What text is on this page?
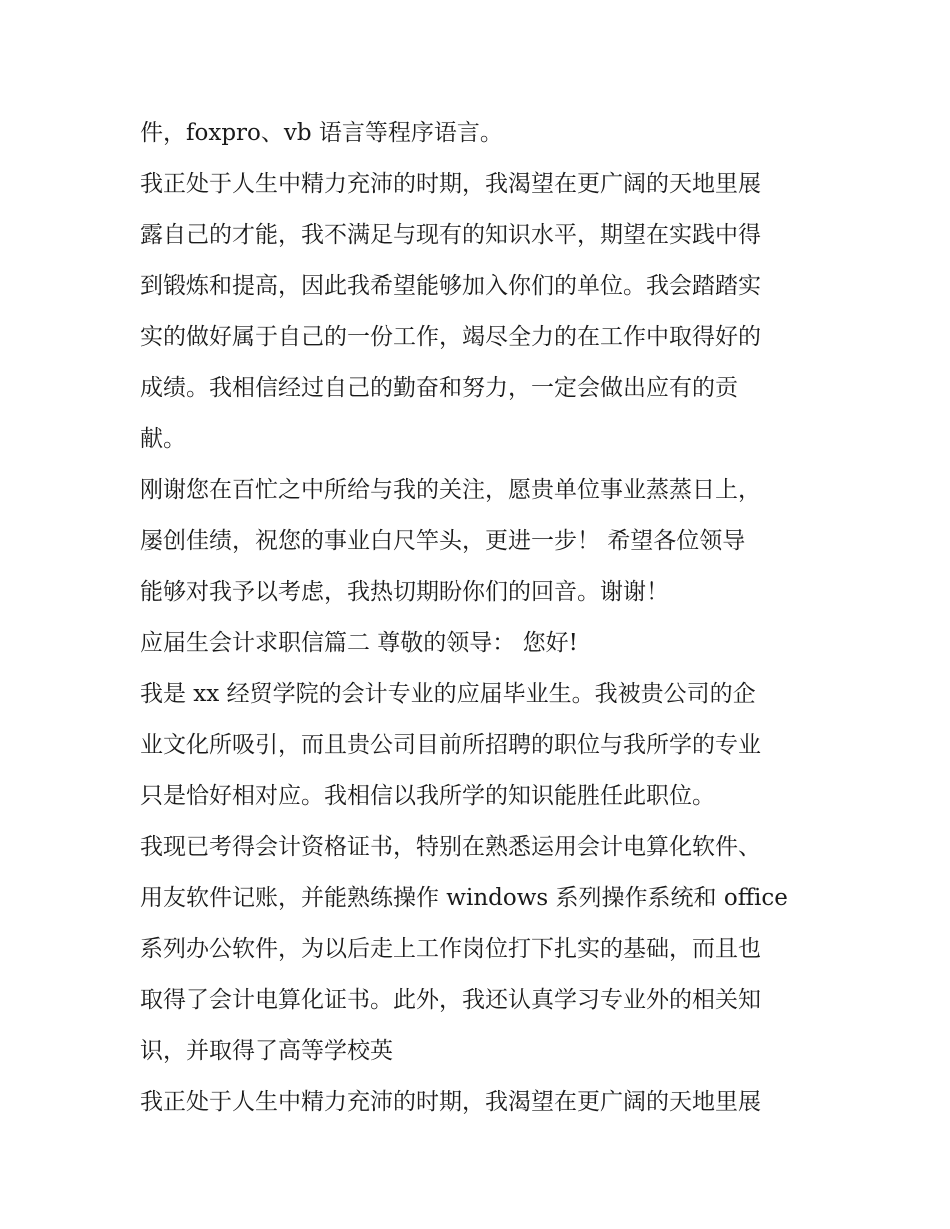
件，foxpro、vb 语言等程序语言。
我正处于人生中精力充沛的时期，我渴望在更广阔的天地里展
露自己的才能，我不满足与现有的知识水平，期望在实践中得
到锻炼和提高，因此我希望能够加入你们的单位。我会踏踏实
实的做好属于自己的一份工作，竭尽全力的在工作中取得好的
成绩。我相信经过自己的勤奋和努力，一定会做出应有的贡
献。
刚谢您在百忙之中所给与我的关注，愿贵单位事业蒸蒸日上，
屡创佳绩，祝您的事业白尺竿头，更进一步！ 希望各位领导
能够对我予以考虑，我热切期盼你们的回音。谢谢！
应届生会计求职信篇二 尊敬的领导： 您好!
我是 xx 经贸学院的会计专业的应届毕业生。我被贵公司的企
业文化所吸引，而且贵公司目前所招聘的职位与我所学的专业
只是恰好相对应。我相信以我所学的知识能胜任此职位。
我现已考得会计资格证书，特别在熟悉运用会计电算化软件、
用友软件记账，并能熟练操作 windows 系列操作系统和 office
系列办公软件，为以后走上工作岗位打下扎实的基础，而且也
取得了会计电算化证书。此外，我还认真学习专业外的相关知
识，并取得了高等学校英
我正处于人生中精力充沛的时期，我渴望在更广阔的天地里展
